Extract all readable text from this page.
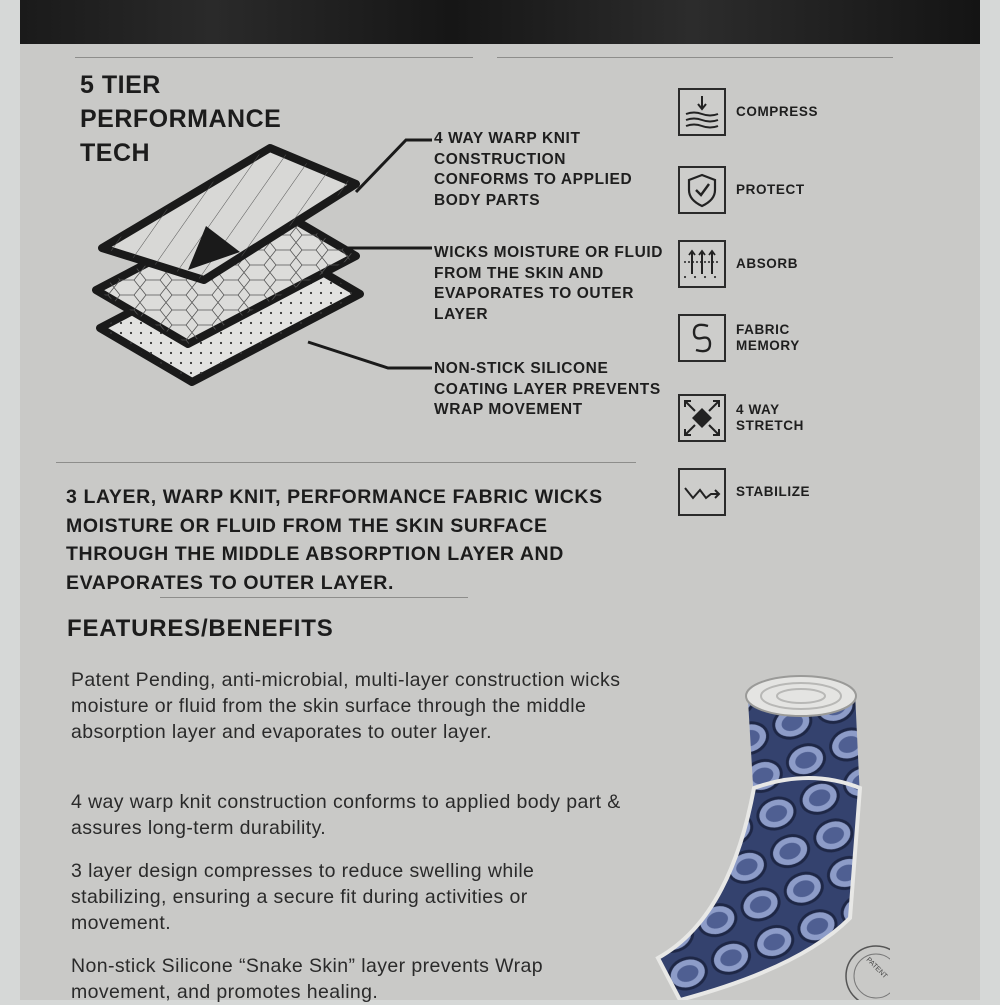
5 TIER
PERFORMANCE
TECH
4 WAY WARP KNIT CONSTRUCTION CONFORMS TO APPLIED BODY PARTS
WICKS MOISTURE OR FLUID FROM THE SKIN AND EVAPORATES TO OUTER LAYER
NON-STICK SILICONE COATING LAYER PREVENTS WRAP MOVEMENT
COMPRESS
PROTECT
ABSORB
FABRIC MEMORY
4 WAY STRETCH
STABILIZE
3 LAYER, WARP KNIT, PERFORMANCE FABRIC WICKS MOISTURE OR FLUID FROM THE SKIN SURFACE THROUGH THE MIDDLE ABSORPTION LAYER AND EVAPORATES TO OUTER LAYER.
FEATURES/BENEFITS
Patent Pending, anti-microbial, multi-layer construction wicks moisture or fluid from the skin surface through the middle absorption layer and evaporates to outer layer.
4 way warp knit construction conforms to applied body part & assures long-term durability.
3 layer design compresses to reduce swelling while stabilizing, ensuring a secure fit during activities or movement.
Non-stick Silicone “Snake Skin” layer prevents Wrap movement, and promotes healing.
PATENT
